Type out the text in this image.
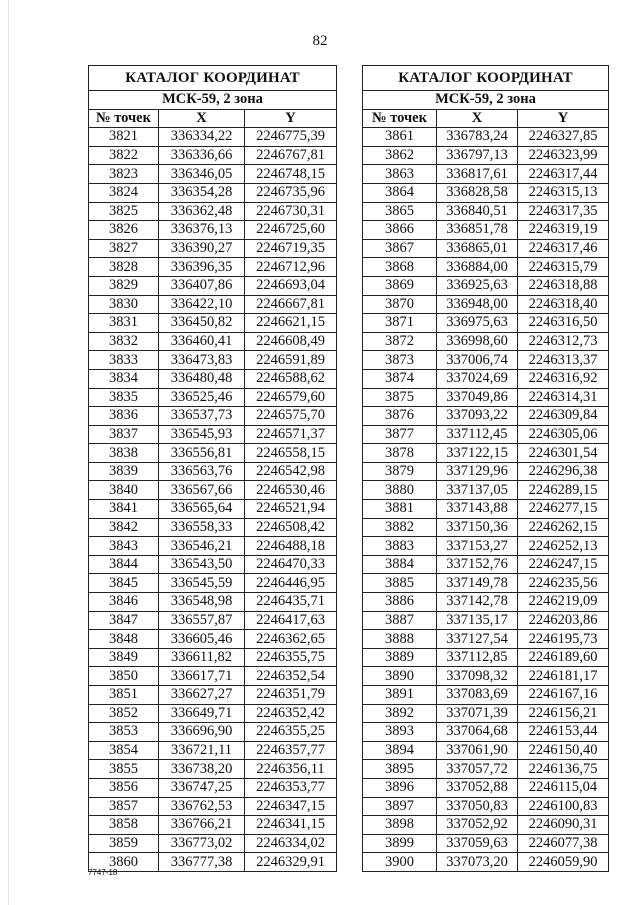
82
КАТАЛОГ КООРДИНАТ		
МСК-59, 2 зона		
№ точек	X	Y
3821	336334,22	2246775,39
3822	336336,66	2246767,81
3823	336346,05	2246748,15
3824	336354,28	2246735,96
3825	336362,48	2246730,31
3826	336376,13	2246725,60
3827	336390,27	2246719,35
3828	336396,35	2246712,96
3829	336407,86	2246693,04
3830	336422,10	2246667,81
3831	336450,82	2246621,15
3832	336460,41	2246608,49
3833	336473,83	2246591,89
3834	336480,48	2246588,62
3835	336525,46	2246579,60
3836	336537,73	2246575,70
3837	336545,93	2246571,37
3838	336556,81	2246558,15
3839	336563,76	2246542,98
3840	336567,66	2246530,46
3841	336565,64	2246521,94
3842	336558,33	2246508,42
3843	336546,21	2246488,18
3844	336543,50	2246470,33
3845	336545,59	2246446,95
3846	336548,98	2246435,71
3847	336557,87	2246417,63
3848	336605,46	2246362,65
3849	336611,82	2246355,75
3850	336617,71	2246352,54
3851	336627,27	2246351,79
3852	336649,71	2246352,42
3853	336696,90	2246355,25
3854	336721,11	2246357,77
3855	336738,20	2246356,11
3856	336747,25	2246353,77
3857	336762,53	2246347,15
3858	336766,21	2246341,15
3859	336773,02	2246334,02
3860	336777,38	2246329,91
КАТАЛОГ КООРДИНАТ		
МСК-59, 2 зона		
№ точек	X	Y
3861	336783,24	2246327,85
3862	336797,13	2246323,99
3863	336817,61	2246317,44
3864	336828,58	2246315,13
3865	336840,51	2246317,35
3866	336851,78	2246319,19
3867	336865,01	2246317,46
3868	336884,00	2246315,79
3869	336925,63	2246318,88
3870	336948,00	2246318,40
3871	336975,63	2246316,50
3872	336998,60	2246312,73
3873	337006,74	2246313,37
3874	337024,69	2246316,92
3875	337049,86	2246314,31
3876	337093,22	2246309,84
3877	337112,45	2246305,06
3878	337122,15	2246301,54
3879	337129,96	2246296,38
3880	337137,05	2246289,15
3881	337143,88	2246277,15
3882	337150,36	2246262,15
3883	337153,27	2246252,13
3884	337152,76	2246247,15
3885	337149,78	2246235,56
3886	337142,78	2246219,09
3887	337135,17	2246203,86
3888	337127,54	2246195,73
3889	337112,85	2246189,60
3890	337098,32	2246181,17
3891	337083,69	2246167,16
3892	337071,39	2246156,21
3893	337064,68	2246153,44
3894	337061,90	2246150,40
3895	337057,72	2246136,75
3896	337052,88	2246115,04
3897	337050,83	2246100,83
3898	337052,92	2246090,31
3899	337059,63	2246077,38
3900	337073,20	2246059,90
7747-18
